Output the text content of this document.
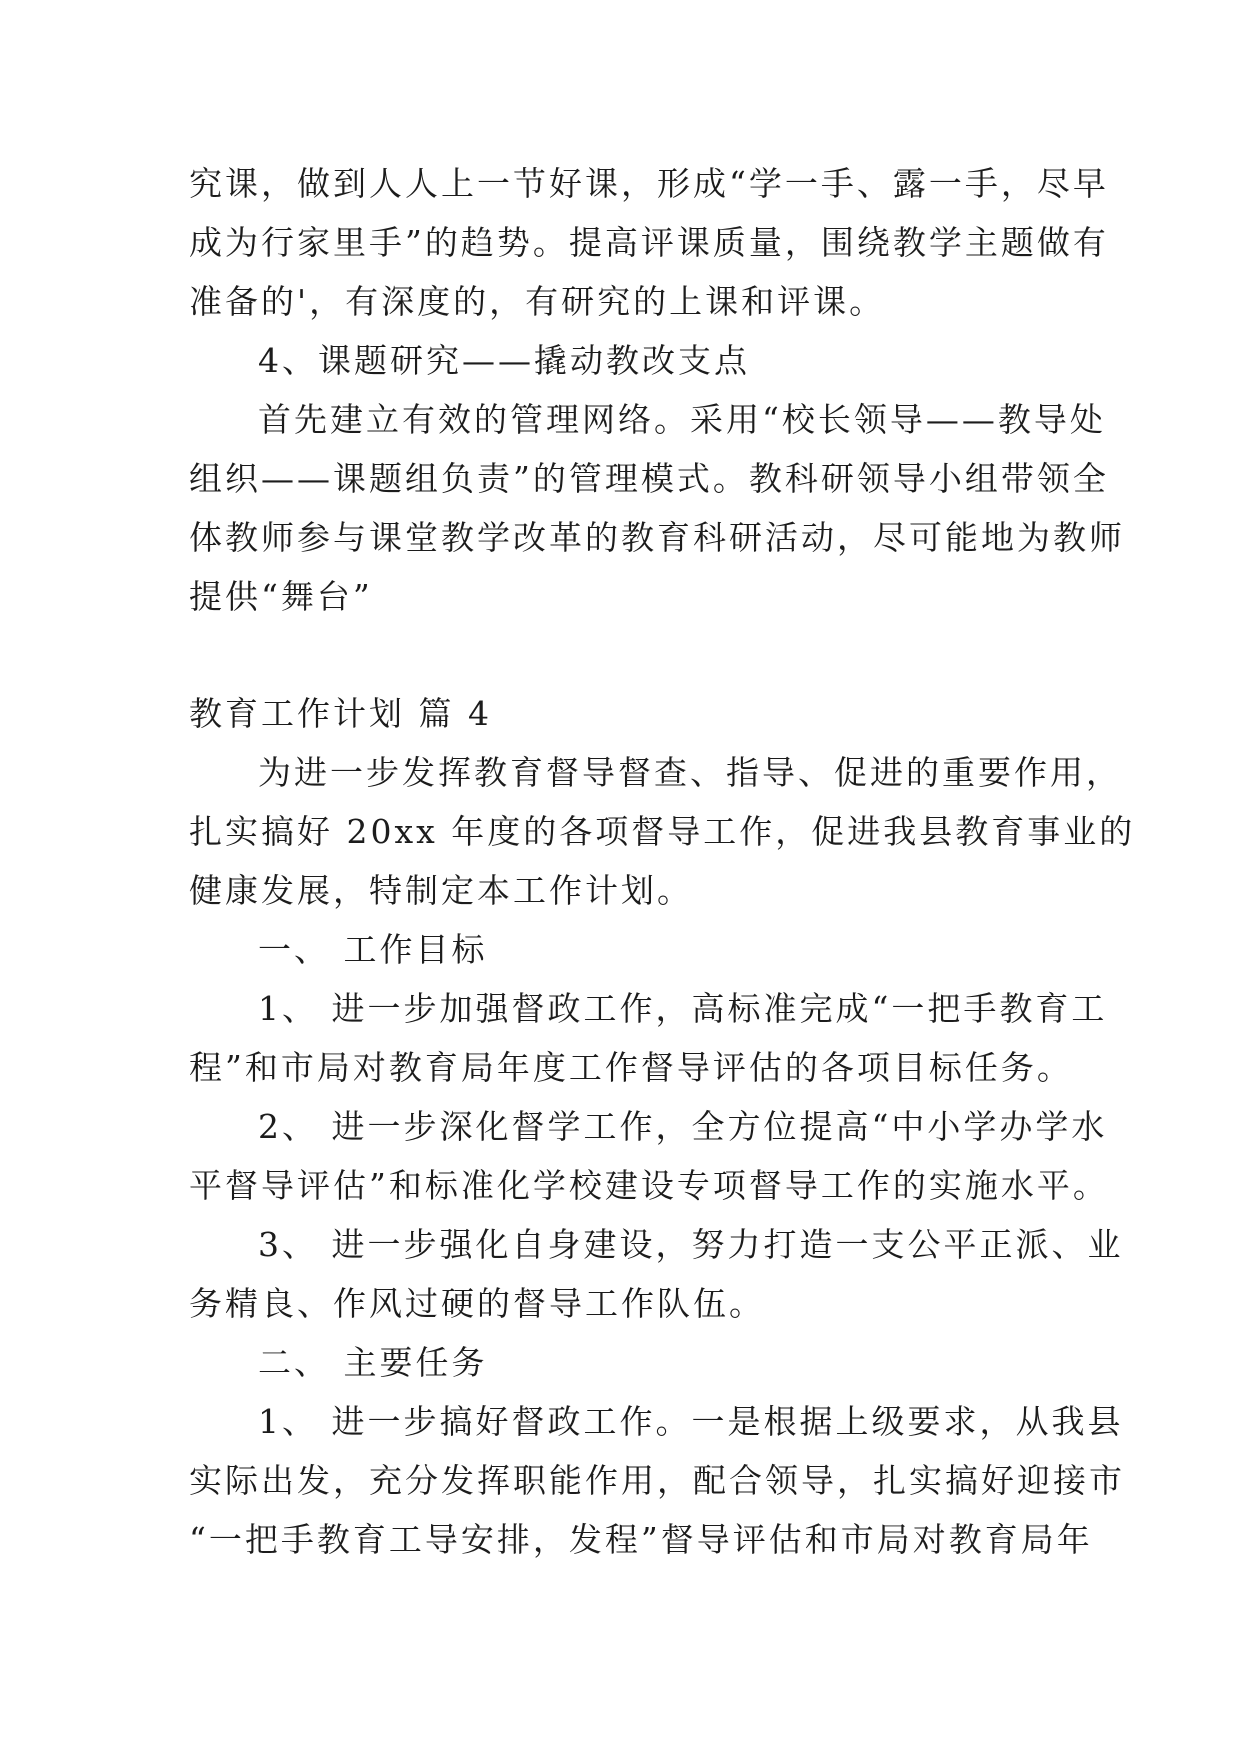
究课，做到人人上一节好课，形成“学一手、露一手，尽早
成为行家里手”的趋势。提高评课质量，围绕教学主题做有
准备的'，有深度的，有研究的上课和评课。
4、课题研究——撬动教改支点
首先建立有效的管理网络。采用“校长领导——教导处
组织——课题组负责”的管理模式。教科研领导小组带领全
体教师参与课堂教学改革的教育科研活动，尽可能地为教师
提供“舞台”
教育工作计划 篇 4
为进一步发挥教育督导督查、指导、促进的重要作用，
扎实搞好 20xx 年度的各项督导工作，促进我县教育事业的
健康发展，特制定本工作计划。
一、 工作目标
1、 进一步加强督政工作，高标准完成“一把手教育工
程”和市局对教育局年度工作督导评估的各项目标任务。
2、 进一步深化督学工作，全方位提高“中小学办学水
平督导评估”和标准化学校建设专项督导工作的实施水平。
3、 进一步强化自身建设，努力打造一支公平正派、业
务精良、作风过硬的督导工作队伍。
二、 主要任务
1、 进一步搞好督政工作。一是根据上级要求，从我县
实际出发，充分发挥职能作用，配合领导，扎实搞好迎接市
“一把手教育工导安排，发程”督导评估和市局对教育局年
